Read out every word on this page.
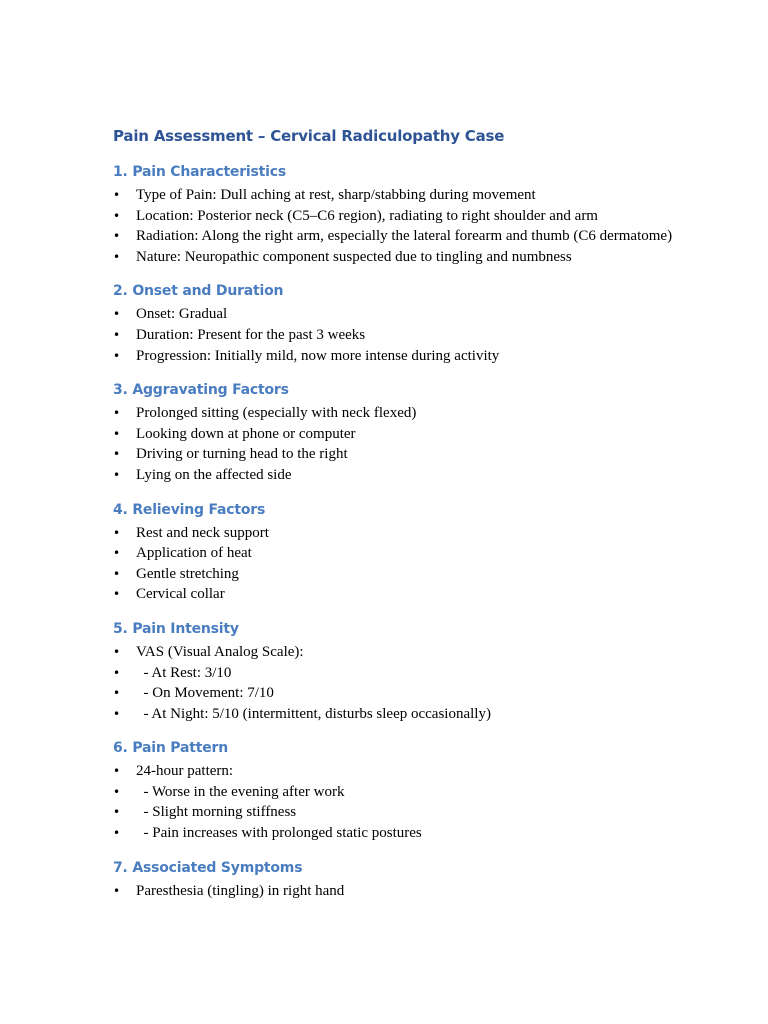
Pain Assessment – Cervical Radiculopathy Case
1. Pain Characteristics
• Type of Pain: Dull aching at rest, sharp/stabbing during movement
• Location: Posterior neck (C5–C6 region), radiating to right shoulder and arm
• Radiation: Along the right arm, especially the lateral forearm and thumb (C6 dermatome)
• Nature: Neuropathic component suspected due to tingling and numbness
2. Onset and Duration
• Onset: Gradual
• Duration: Present for the past 3 weeks
• Progression: Initially mild, now more intense during activity
3. Aggravating Factors
• Prolonged sitting (especially with neck flexed)
• Looking down at phone or computer
• Driving or turning head to the right
• Lying on the affected side
4. Relieving Factors
• Rest and neck support
• Application of heat
• Gentle stretching
• Cervical collar
5. Pain Intensity
• VAS (Visual Analog Scale):
• - At Rest: 3/10
• - On Movement: 7/10
• - At Night: 5/10 (intermittent, disturbs sleep occasionally)
6. Pain Pattern
• 24-hour pattern:
• - Worse in the evening after work
• - Slight morning stiffness
• - Pain increases with prolonged static postures
7. Associated Symptoms
• Paresthesia (tingling) in right hand
